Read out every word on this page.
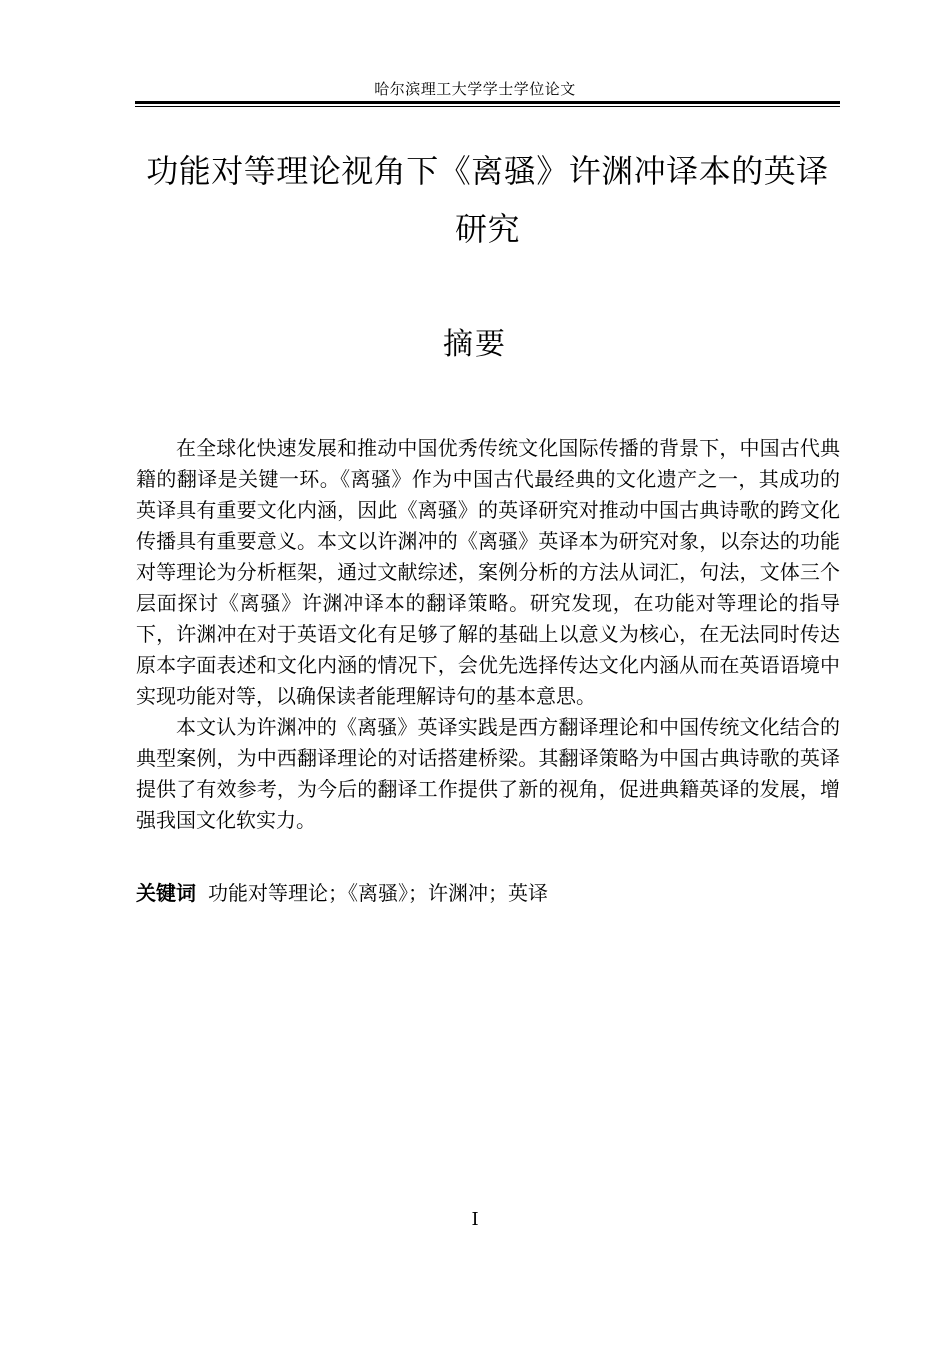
哈尔滨理工大学学士学位论文
功能对等理论视角下《离骚》许渊冲译本的英译研究
摘要

在全球化快速发展和推动中国优秀传统文化国际传播的背景下，中国古代典籍的翻译是关键一环。《离骚》作为中国古代最经典的文化遗产之一，其成功的英译具有重要文化内涵，因此《离骚》的英译研究对推动中国古典诗歌的跨文化传播具有重要意义。本文以许渊冲的《离骚》英译本为研究对象，以奈达的功能对等理论为分析框架，通过文献综述，案例分析的方法从词汇，句法，文体三个层面探讨《离骚》许渊冲译本的翻译策略。研究发现，在功能对等理论的指导下，许渊冲在对于英语文化有足够了解的基础上以意义为核心，在无法同时传达原本字面表述和文化内涵的情况下，会优先选择传达文化内涵从而在英语语境中实现功能对等，以确保读者能理解诗句的基本意思。

本文认为许渊冲的《离骚》英译实践是西方翻译理论和中国传统文化结合的典型案例，为中西翻译理论的对话搭建桥梁。其翻译策略为中国古典诗歌的英译提供了有效参考，为今后的翻译工作提供了新的视角，促进典籍英译的发展，增强我国文化软实力。

关键词 功能对等理论；《离骚》；许渊冲；英译
I
